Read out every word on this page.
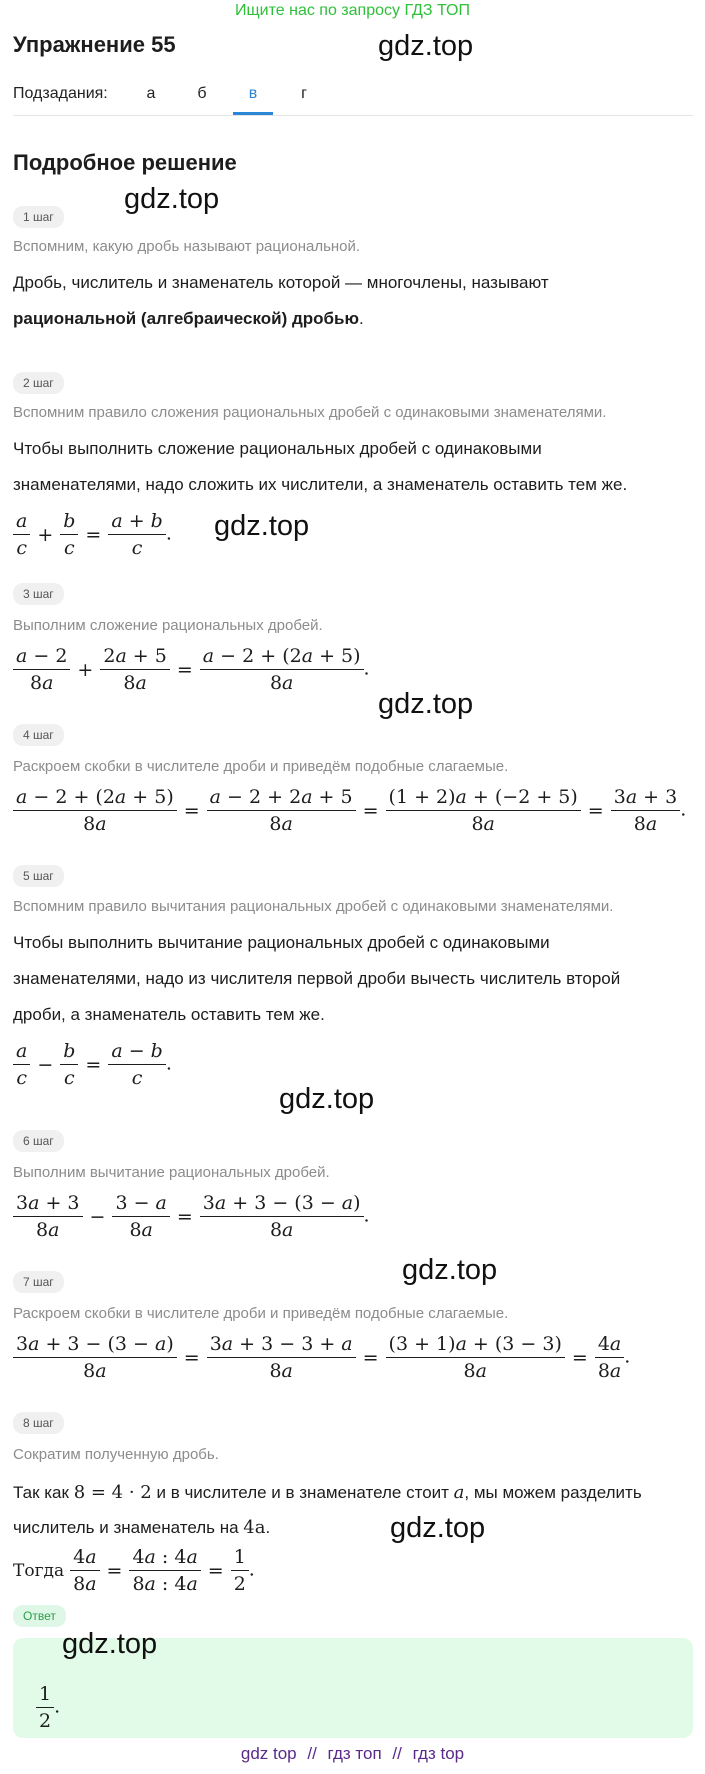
Ищите нас по запросу ГДЗ ТОП
Упражнение 55	gdz.top
Подзадания:	а	б	в	г
Подробное решение
gdz.top
1 шаг
Вспомним, какую дробь называют рациональной.
Дробь, числитель и знаменатель которой — многочлены, называют
рациональной (алгебраической) дробью.
2 шаг
Вспомним правило сложения рациональных дробей с одинаковыми знаменателями.
Чтобы выполнить сложение рациональных дробей с одинаковыми
знаменателями, надо сложить их числители, а знаменатель оставить тем же.
$\frac{a}{c} + \frac{b}{c} = \frac{a + b}{c}$ . gdz.top
3 шаг
Выполним сложение рациональных дробей.
$\frac{a - 2}{8a} + \frac{2a + 5}{8a} = \frac{a - 2 + (2a + 5)}{8a}$ .
gdz.top
4 шаг
Раскроем скобки в числителе дроби и приведём подобные слагаемые.
$\frac{a - 2 + (2a + 5)}{8a} = \frac{a - 2 + 2a + 5}{8a} = \frac{(1 + 2)a + (-2 + 5)}{8a} = \frac{3a + 3}{8a}$ .
5 шаг
Вспомним правило вычитания рациональных дробей с одинаковыми знаменателями.
Чтобы выполнить вычитание рациональных дробей с одинаковыми
знаменателями, надо из числителя первой дроби вычесть числитель второй
дроби, а знаменатель оставить тем же.
$\frac{a}{c} - \frac{b}{c} = \frac{a - b}{c}$ .
gdz.top
6 шаг
Выполним вычитание рациональных дробей.
$\frac{3a + 3}{8a} - \frac{3 - a}{8a} = \frac{3a + 3 - (3 - a)}{8a}$ .
gdz.top
7 шаг
Раскроем скобки в числителе дроби и приведём подобные слагаемые.
$\frac{3a + 3 - (3 - a)}{8a} = \frac{3a + 3 - 3 + a}{8a} = \frac{(3 + 1)a + (3 - 3)}{8a} = \frac{4a}{8a}$ .
8 шаг
Сократим полученную дробь.
Так как 8 = 4 · 2 и в числителе и в знаменателе стоит a, мы можем разделить
числитель и знаменатель на 4a.	gdz.top
Тогда $\frac{4a}{8a} = \frac{4a : 4a}{8a : 4a} = \frac{1}{2}$ .
Ответ
gdz.top
$\frac{1}{2}$ .
gdz top // гдз топ // гдз top
